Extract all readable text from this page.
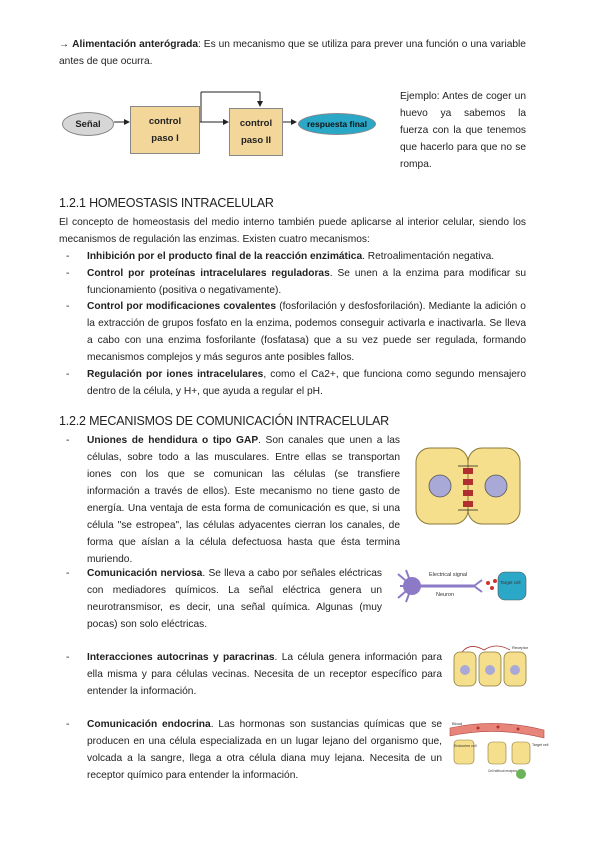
→ Alimentación anterógrada: Es un mecanismo que se utiliza para prever una función o una variable antes de que ocurra.

Señal	control
paso I
control
paso II
respuesta final

Ejemplo: Antes de coger un huevo ya sabemos la fuerza con la que tenemos que hacerlo para que no se rompa.

1.2.1 HOMEOSTASIS INTRACELULAR

El concepto de homeostasis del medio interno también puede aplicarse al interior celular, siendo los mecanismos de regulación las enzimas. Existen cuatro mecanismos:

- Inhibición por el producto final de la reacción enzimática. Retroalimentación negativa.

- Control por proteínas intracelulares reguladoras. Se unen a la enzima para modificar su funcionamiento (positiva o negativamente).

- Control por modificaciones covalentes (fosforilación y desfosforilación). Mediante la adición o la extracción de grupos fosfato en la enzima, podemos conseguir activarla e inactivarla. Se lleva a cabo con una enzima fosforilante (fosfatasa) que a su vez puede ser regulada, formando mecanismos complejos y más seguros ante posibles fallos.

- Regulación por iones intracelulares, como el Ca2+, que funciona como segundo mensajero dentro de la célula, y H+, que ayuda a regular el pH.

1.2.2 MECANISMOS DE COMUNICACIÓN INTRACELULAR

- Uniones de hendidura o tipo GAP. Son canales que unen a las células, sobre todo a las musculares. Entre ellas se transportan iones con los que se comunican las células (se transfiere información a través de ellos). Este mecanismo no tiene gasto de energía. Una ventaja de esta forma de comunicación es que, si una célula "se estropea", las células adyacentes cierran los canales, de forma que aíslan a la célula defectuosa hasta que ésta termina muriendo.

- Comunicación nerviosa. Se lleva a cabo por señales eléctricas con mediadores químicos. La señal eléctrica genera un neurotransmisor, es decir, una señal química. Algunas (muy pocas) son solo eléctricas.

Electrical signal
Neuron
Target cell
- Interacciones autocrinas y paracrinas. La célula genera información para ella misma y para células vecinas. Necesita de un receptor específico para entender la información.

Receptor
- Comunicación endocrina. Las hormonas son sustancias químicas que se producen en una célula especializada en un lugar lejano del organismo que, volcada a la sangre, llega a otra célula diana muy lejana. Necesita de un receptor químico para entender la información.

Endocrine cell
Blood
Target cell
Cell without receptor
